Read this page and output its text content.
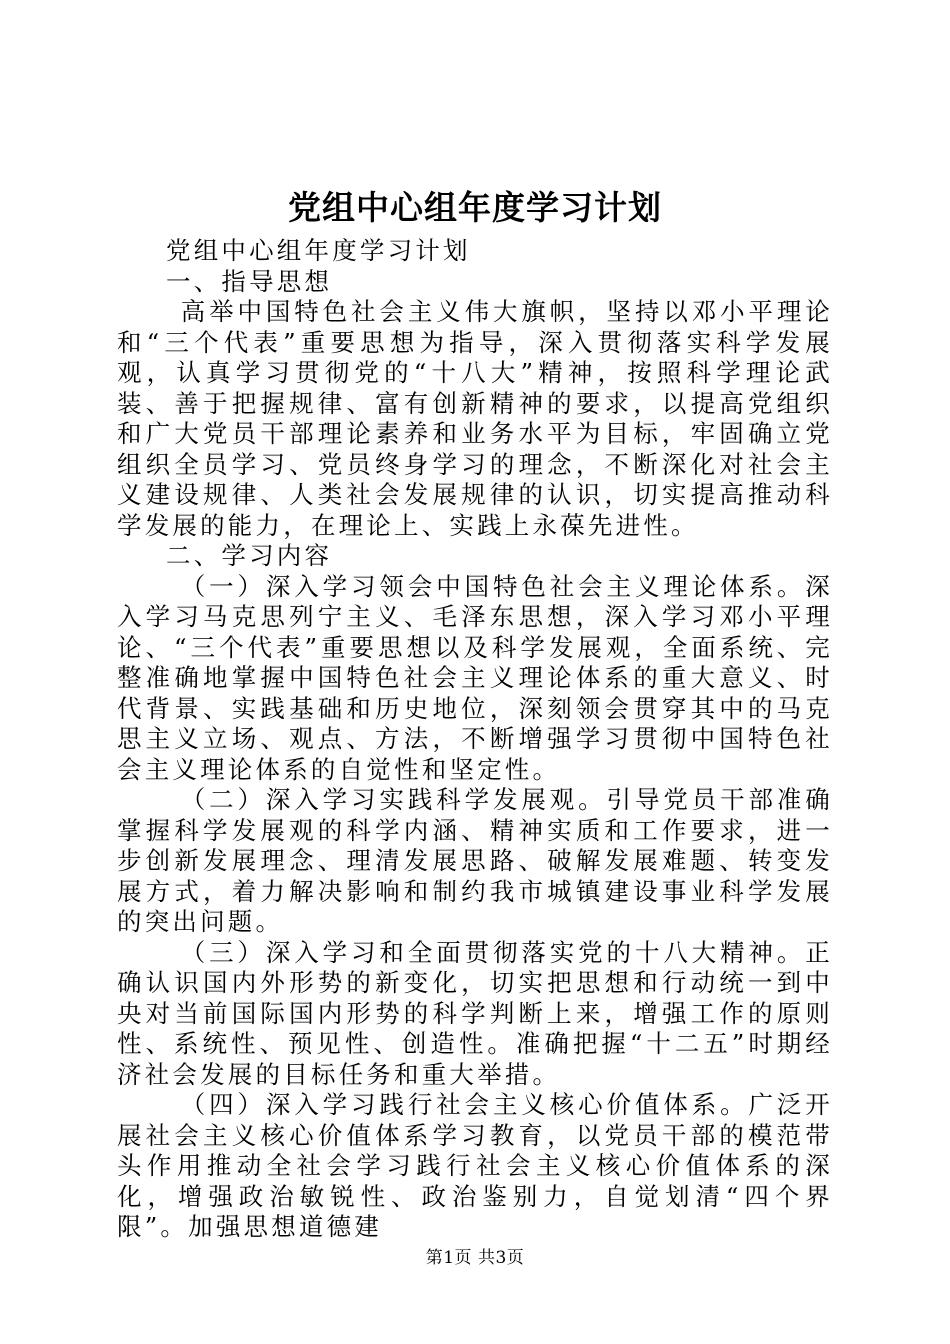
党组中心组年度学习计划

党组中心组年度学习计划

一、指导思想

高举中国特色社会主义伟大旗帜，坚持以邓小平理论和“三个代表”重要思想为指导，深入贯彻落实科学发展观，认真学习贯彻党的“十八大”精神，按照科学理论武装、善于把握规律、富有创新精神的要求，以提高党组织和广大党员干部理论素养和业务水平为目标，牢固确立党组织全员学习、党员终身学习的理念，不断深化对社会主义建设规律、人类社会发展规律的认识，切实提高推动科学发展的能力，在理论上、实践上永葆先进性。

二、学习内容

（一）深入学习领会中国特色社会主义理论体系。深入学习马克思列宁主义、毛泽东思想，深入学习邓小平理论、“三个代表”重要思想以及科学发展观，全面系统、完整准确地掌握中国特色社会主义理论体系的重大意义、时代背景、实践基础和历史地位，深刻领会贯穿其中的马克思主义立场、观点、方法，不断增强学习贯彻中国特色社会主义理论体系的自觉性和坚定性。

（二）深入学习实践科学发展观。引导党员干部准确掌握科学发展观的科学内涵、精神实质和工作要求，进一步创新发展理念、理清发展思路、破解发展难题、转变发展方式，着力解决影响和制约我市城镇建设事业科学发展的突出问题。

（三）深入学习和全面贯彻落实党的十八大精神。正确认识国内外形势的新变化，切实把思想和行动统一到中央对当前国际国内形势的科学判断上来，增强工作的原则性、系统性、预见性、创造性。准确把握“十二五”时期经济社会发展的目标任务和重大举措。

（四）深入学习践行社会主义核心价值体系。广泛开展社会主义核心价值体系学习教育，以党员干部的模范带头作用推动全社会学习践行社会主义核心价值体系的深化，增强政治敏锐性、政治鉴别力，自觉划清“四个界限”。加强思想道德建

第1页 共3页
